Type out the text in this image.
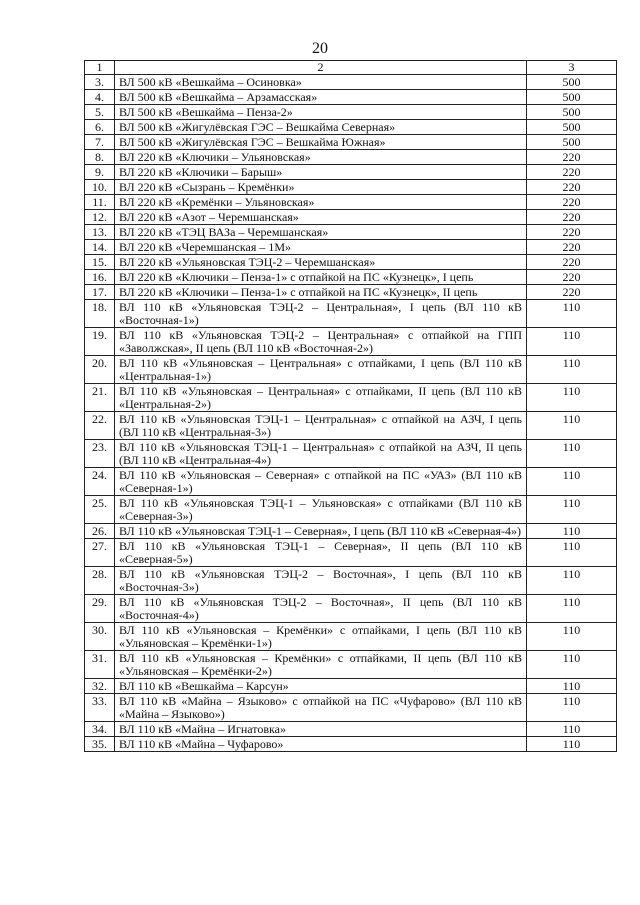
20
1	2	3
3.	ВЛ 500 кВ «Вешкайма – Осиновка»	500
4.	ВЛ 500 кВ «Вешкайма – Арзамасская»	500
5.	ВЛ 500 кВ «Вешкайма – Пенза-2»	500
6.	ВЛ 500 кВ «Жигулёвская ГЭС – Вешкайма Северная»	500
7.	ВЛ 500 кВ «Жигулёвская ГЭС – Вешкайма Южная»	500
8.	ВЛ 220 кВ «Ключики – Ульяновская»	220
9.	ВЛ 220 кВ «Ключики – Барыш»	220
10.	ВЛ 220 кВ «Сызрань – Кремёнки»	220
11.	ВЛ 220 кВ «Кремёнки – Ульяновская»	220
12.	ВЛ 220 кВ «Азот – Черемшанская»	220
13.	ВЛ 220 кВ «ТЭЦ ВАЗа – Черемшанская»	220
14.	ВЛ 220 кВ «Черемшанская – 1М»	220
15.	ВЛ 220 кВ «Ульяновская ТЭЦ-2 – Черемшанская»	220
16.	ВЛ 220 кВ «Ключики – Пенза-1» с отпайкой на ПС «Кузнецк», I цепь	220
17.	ВЛ 220 кВ «Ключики – Пенза-1» с отпайкой на ПС «Кузнецк», II цепь	220
18.	ВЛ 110 кВ «Ульяновская ТЭЦ-2 – Центральная», I цепь (ВЛ 110 кВ «Восточная-1»)	110
19.	ВЛ 110 кВ «Ульяновская ТЭЦ-2 – Центральная» с отпайкой на ГПП «Заволжская», II цепь (ВЛ 110 кВ «Восточная-2»)	110
20.	ВЛ 110 кВ «Ульяновская – Центральная» с отпайками, I цепь (ВЛ 110 кВ «Центральная-1»)	110
21.	ВЛ 110 кВ «Ульяновская – Центральная» с отпайками, II цепь (ВЛ 110 кВ «Центральная-2»)	110
22.	ВЛ 110 кВ «Ульяновская ТЭЦ-1 – Центральная» с отпайкой на АЗЧ, I цепь (ВЛ 110 кВ «Центральная-3»)	110
23.	ВЛ 110 кВ «Ульяновская ТЭЦ-1 – Центральная» с отпайкой на АЗЧ, II цепь (ВЛ 110 кВ «Центральная-4»)	110
24.	ВЛ 110 кВ «Ульяновская – Северная» с отпайкой на ПС «УАЗ» (ВЛ 110 кВ «Северная-1»)	110
25.	ВЛ 110 кВ «Ульяновская ТЭЦ-1 – Ульяновская» с отпайками (ВЛ 110 кВ «Северная-3»)	110
26.	ВЛ 110 кВ «Ульяновская ТЭЦ-1 – Северная», I цепь (ВЛ 110 кВ «Северная-4»)	110
27.	ВЛ 110 кВ «Ульяновская ТЭЦ-1 – Северная», II цепь (ВЛ 110 кВ «Северная-5»)	110
28.	ВЛ 110 кВ «Ульяновская ТЭЦ-2 – Восточная», I цепь (ВЛ 110 кВ «Восточная-3»)	110
29.	ВЛ 110 кВ «Ульяновская ТЭЦ-2 – Восточная», II цепь (ВЛ 110 кВ «Восточная-4»)	110
30.	ВЛ 110 кВ «Ульяновская – Кремёнки» с отпайками, I цепь (ВЛ 110 кВ «Ульяновская – Кремёнки-1»)	110
31.	ВЛ 110 кВ «Ульяновская – Кремёнки» с отпайками, II цепь (ВЛ 110 кВ «Ульяновская – Кремёнки-2»)	110
32.	ВЛ 110 кВ «Вешкайма – Карсун»	110
33.	ВЛ 110 кВ «Майна – Языково» с отпайкой на ПС «Чуфарово» (ВЛ 110 кВ «Майна – Языково»)	110
34.	ВЛ 110 кВ «Майна – Игнатовка»	110
35.	ВЛ 110 кВ «Майна – Чуфарово»	110
